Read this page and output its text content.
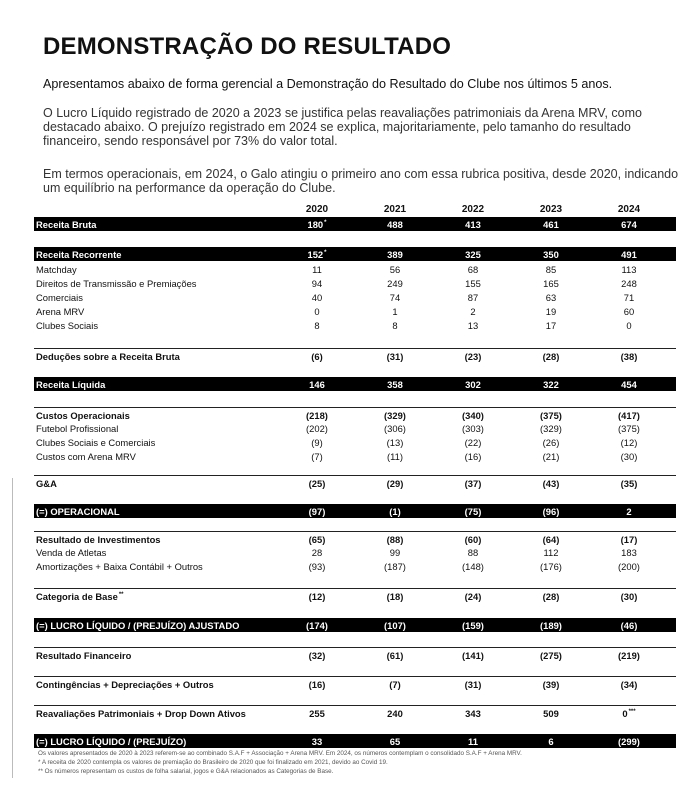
DEMONSTRAÇÃO DO RESULTADO
Apresentamos abaixo de forma gerencial a Demonstração do Resultado do Clube nos últimos 5 anos.
O Lucro Líquido registrado de 2020 a 2023 se justifica pelas reavaliações patrimoniais da Arena MRV, como destacado abaixo. O prejuízo registrado em 2024 se explica, majoritariamente, pelo tamanho do resultado financeiro, sendo responsável por 73% do valor total.
Em termos operacionais, em 2024, o Galo atingiu o primeiro ano com essa rubrica positiva, desde 2020, indicando um equilíbrio na performance da operação do Clube.
2020	2021	2022	2023	2024
Receita Bruta	180*	488	413	461	674
Receita Recorrente	152*	389	325	350	491
Matchday	11	56	68	85	113
Direitos de Transmissão e Premiações	94	249	155	165	248
Comerciais	40	74	87	63	71
Arena MRV	0	1	2	19	60
Clubes Sociais	8	8	13	17	0
Deduções sobre a Receita Bruta	(6)	(31)	(23)	(28)	(38)
Receita Líquida	146	358	302	322	454
Custos Operacionais	(218)	(329)	(340)	(375)	(417)
Futebol Profissional	(202)	(306)	(303)	(329)	(375)
Clubes Sociais e Comerciais	(9)	(13)	(22)	(26)	(12)
Custos com Arena MRV	(7)	(11)	(16)	(21)	(30)
G&A	(25)	(29)	(37)	(43)	(35)
(=) OPERACIONAL	(97)	(1)	(75)	(96)	2
Resultado de Investimentos	(65)	(88)	(60)	(64)	(17)
Venda de Atletas	28	99	88	112	183
Amortizações + Baixa Contábil + Outros	(93)	(187)	(148)	(176)	(200)
Categoria de Base**	(12)	(18)	(24)	(28)	(30)
(=) LUCRO LÍQUIDO / (PREJUÍZO) AJUSTADO	(174)	(107)	(159)	(189)	(46)
Resultado Financeiro	(32)	(61)	(141)	(275)	(219)
Contingências + Depreciações + Outros	(16)	(7)	(31)	(39)	(34)
Reavaliações Patrimoniais + Drop Down Ativos	255	240	343	509	0***
(=) LUCRO LÍQUIDO / (PREJUÍZO)	33	65	11	6	(299)
Os valores apresentados de 2020 à 2023 referem-se ao combinado S.A.F + Associação + Arena MRV. Em 2024, os números contemplam o consolidado S.A.F + Arena MRV.
* A receita de 2020 contempla os valores de premiação do Brasileiro de 2020 que foi finalizado em 2021, devido ao Covid 19.
** Os números representam os custos de folha salarial, jogos e G&A relacionados as Categorias de Base.
